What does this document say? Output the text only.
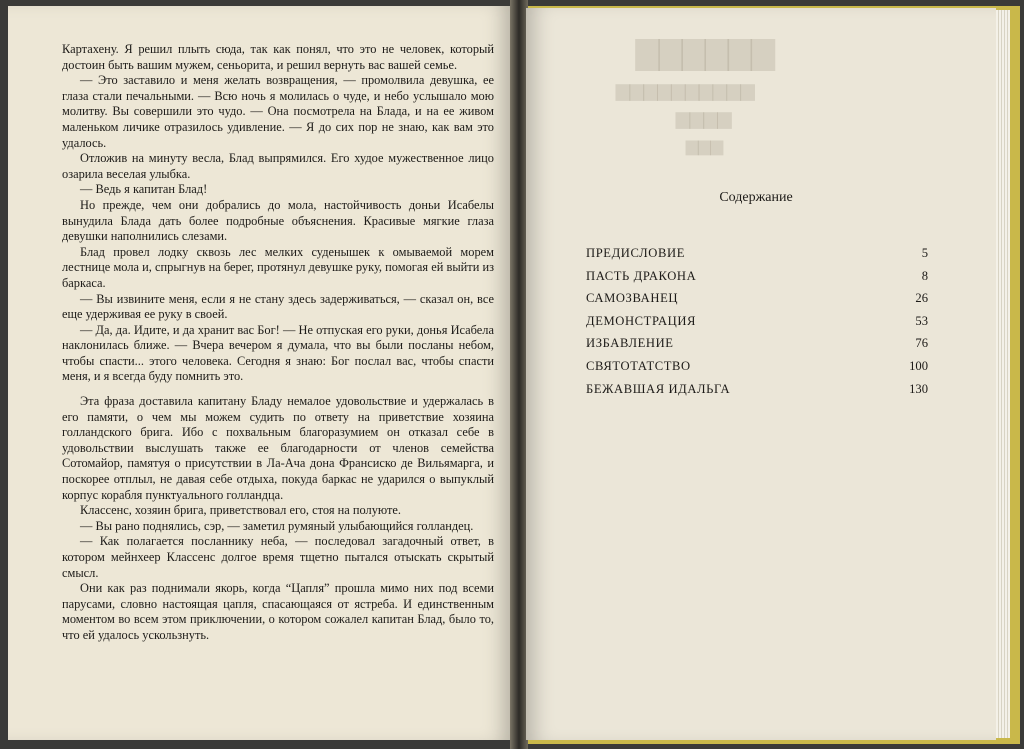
Картахену. Я решил плыть сюда, так как понял, что это не человек, который достоин быть вашим мужем, сеньорита, и решил вернуть вас вашей семье.

— Это заставило и меня желать возвращения, — промолвила девушка, ее глаза стали печальными. — Всю ночь я молилась о чуде, и небо услышало мою молитву. Вы совершили это чудо. — Она посмотрела на Блада, и на ее живом маленьком личике отразилось удивление. — Я до сих пор не знаю, как вам это удалось.

Отложив на минуту весла, Блад выпрямился. Его худое мужественное лицо озарила веселая улыбка.

— Ведь я капитан Блад!

Но прежде, чем они добрались до мола, настойчивость доньи Исабелы вынудила Блада дать более подробные объяснения. Красивые мягкие глаза девушки наполнились слезами.

Блад провел лодку сквозь лес мелких суденышек к омываемой морем лестнице мола и, спрыгнув на берег, протянул девушке руку, помогая ей выйти из баркаса.

— Вы извините меня, если я не стану здесь задерживаться, — сказал он, все еще удерживая ее руку в своей.

— Да, да. Идите, и да хранит вас Бог! — Не отпуская его руки, донья Исабела наклонилась ближе. — Вчера вечером я думала, что вы были посланы небом, чтобы спасти... этого человека. Сегодня я знаю: Бог послал вас, чтобы спасти меня, и я всегда буду помнить это.

Эта фраза доставила капитану Бладу немалое удовольствие и удержалась в его памяти, о чем мы можем судить по ответу на приветствие хозяина голландского брига. Ибо с похвальным благоразумием он отказал себе в удовольствии выслушать также ее благодарности от членов семейства Сотомайор, памятуя о присутствии в Ла-Ача дона Франсиско де Вильямарга, и поскорее отплыл, не давая себе отдыха, покуда баркас не ударился о выпуклый корпус корабля пунктуального голландца.

Классенс, хозяин брига, приветствовал его, стоя на полуюте.

— Вы рано поднялись, сэр, — заметил румяный улыбающийся голландец.

— Как полагается посланнику неба, — последовал загадочный ответ, в котором мейнхеер Классенс долгое время тщетно пытался отыскать скрытый смысл.

Они как раз поднимали якорь, когда “Цапля” прошла мимо них под всеми парусами, словно настоящая цапля, спасающаяся от ястреба. И единственным моментом во всем этом приключении, о котором сожалел капитан Блад, было то, что ей удалось ускользнуть.

▇▇▇▇▇▇
▆▆▆▆▆▆▆▆▆▆
▆▆▆▆
▆▆▆
Содержание
ПРЕДИСЛОВИЕ	5
ПАСТЬ ДРАКОНА	8
САМОЗВАНЕЦ	26
ДЕМОНСТРАЦИЯ	53
ИЗБАВЛЕНИЕ	76
СВЯТОТАТСТВО	100
БЕЖАВШАЯ ИДАЛЬГА	130
